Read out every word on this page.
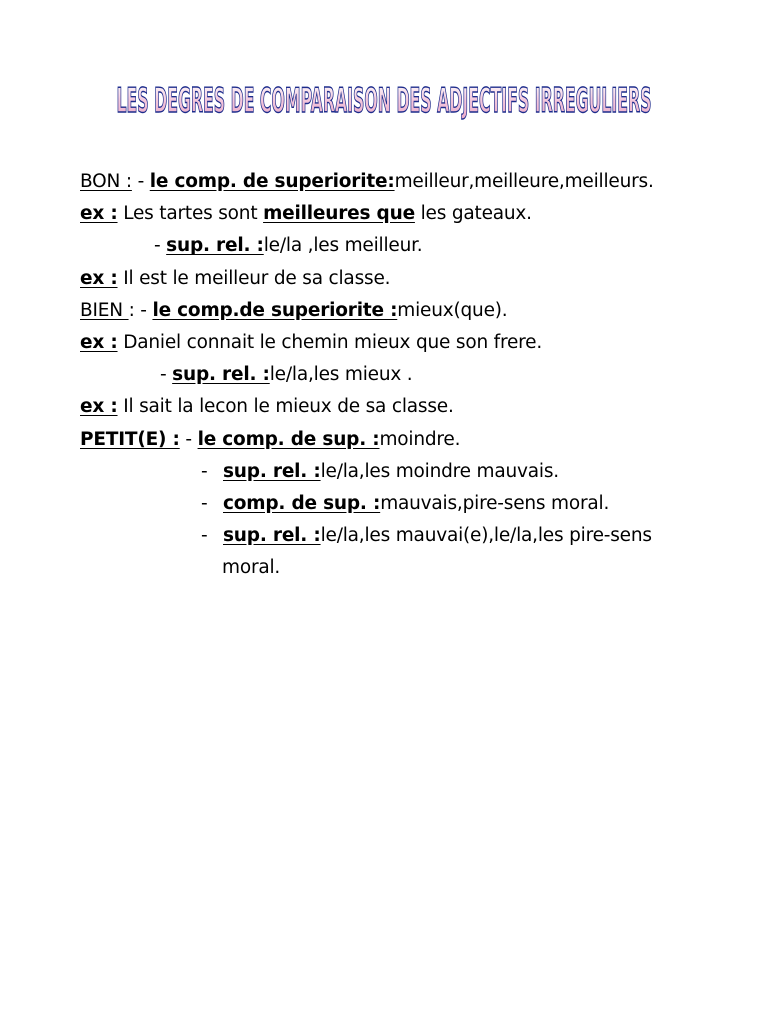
LES DEGRES DE COMPARAISON DES ADJECTIFS IRREGULIERS
BON : - le comp. de superiorite:meilleur,meilleure,meilleurs.
ex : Les tartes sont meilleures que les gateaux.
- sup. rel. :le/la ,les meilleur.
ex : Il est le meilleur de sa classe.
BIEN : - le comp.de superiorite :mieux(que).
ex : Daniel connait le chemin mieux que son frere.
- sup. rel. :le/la,les mieux .
ex : Il sait la lecon le mieux de sa classe.
PETIT(E) : - le comp. de sup. :moindre.
- sup. rel. :le/la,les moindre mauvais.
- comp. de sup. :mauvais,pire-sens moral.
- sup. rel. :le/la,les mauvai(e),le/la,les pire-sens
moral.
